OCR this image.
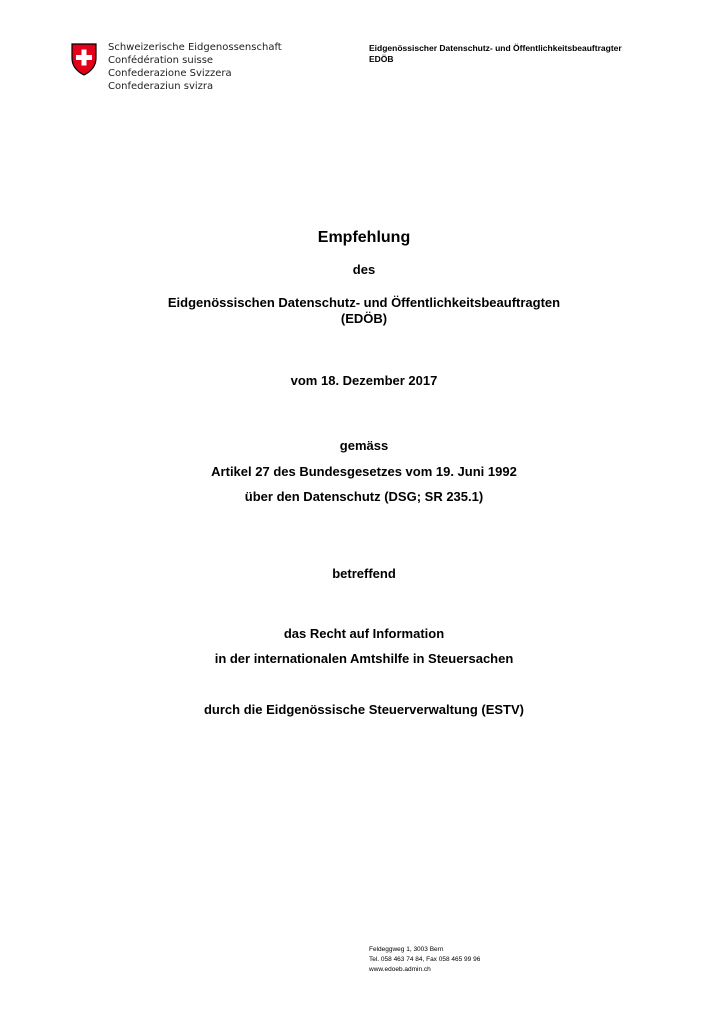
Schweizerische Eidgenossenschaft
Confédération suisse
Confederazione Svizzera
Confederaziun svizra
Eidgenössischer Datenschutz- und Öffentlichkeitsbeauftragter
EDÖB
Empfehlung
des
Eidgenössischen Datenschutz- und Öffentlichkeitsbeauftragten
(EDÖB)
vom 18. Dezember 2017
gemäss
Artikel 27 des Bundesgesetzes vom 19. Juni 1992
über den Datenschutz (DSG; SR 235.1)
betreffend
das Recht auf Information
in der internationalen Amtshilfe in Steuersachen
durch die Eidgenössische Steuerverwaltung (ESTV)
Feldeggweg 1, 3003 Bern
Tel. 058 463 74 84, Fax 058 465 99 96
www.edoeb.admin.ch
